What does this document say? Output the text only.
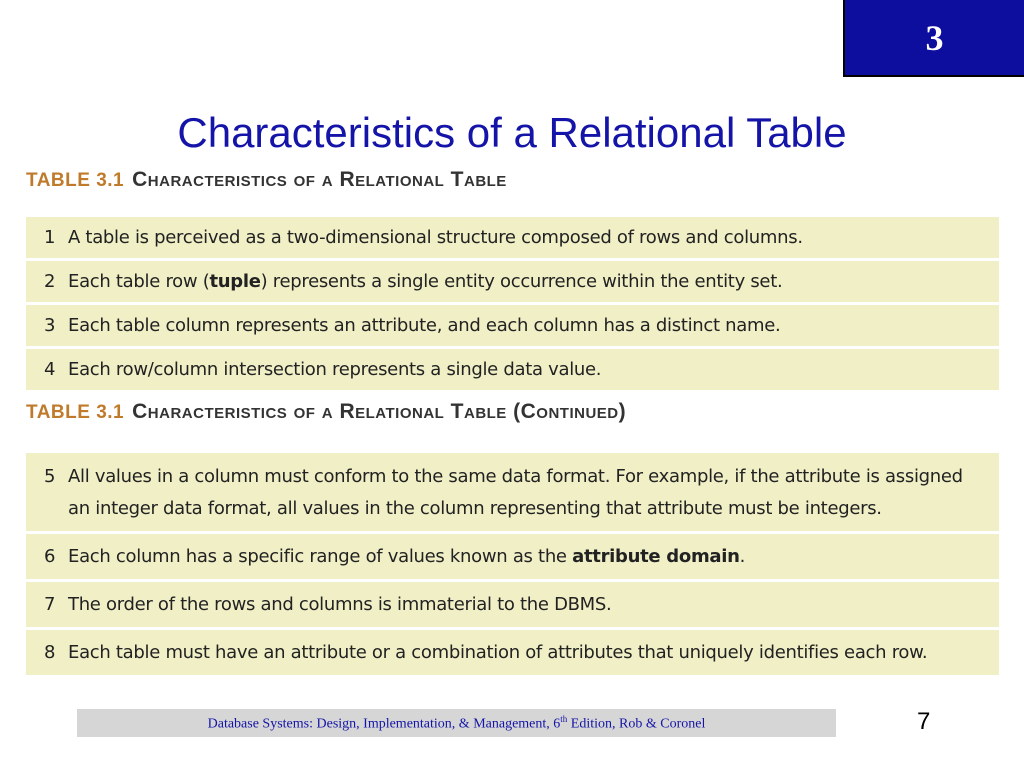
3
Characteristics of a Relational Table
TABLE 3.1 Characteristics of a Relational Table
1 A table is perceived as a two-dimensional structure composed of rows and columns.
2 Each table row (tuple) represents a single entity occurrence within the entity set.
3 Each table column represents an attribute, and each column has a distinct name.
4 Each row/column intersection represents a single data value.
TABLE 3.1 Characteristics of a Relational Table (Continued)
5 All values in a column must conform to the same data format. For example, if the attribute is assigned an integer data format, all values in the column representing that attribute must be integers.
6 Each column has a specific range of values known as the attribute domain.
7 The order of the rows and columns is immaterial to the DBMS.
8 Each table must have an attribute or a combination of attributes that uniquely identifies each row.
Database Systems: Design, Implementation, & Management, 6th Edition, Rob & Coronel	7
